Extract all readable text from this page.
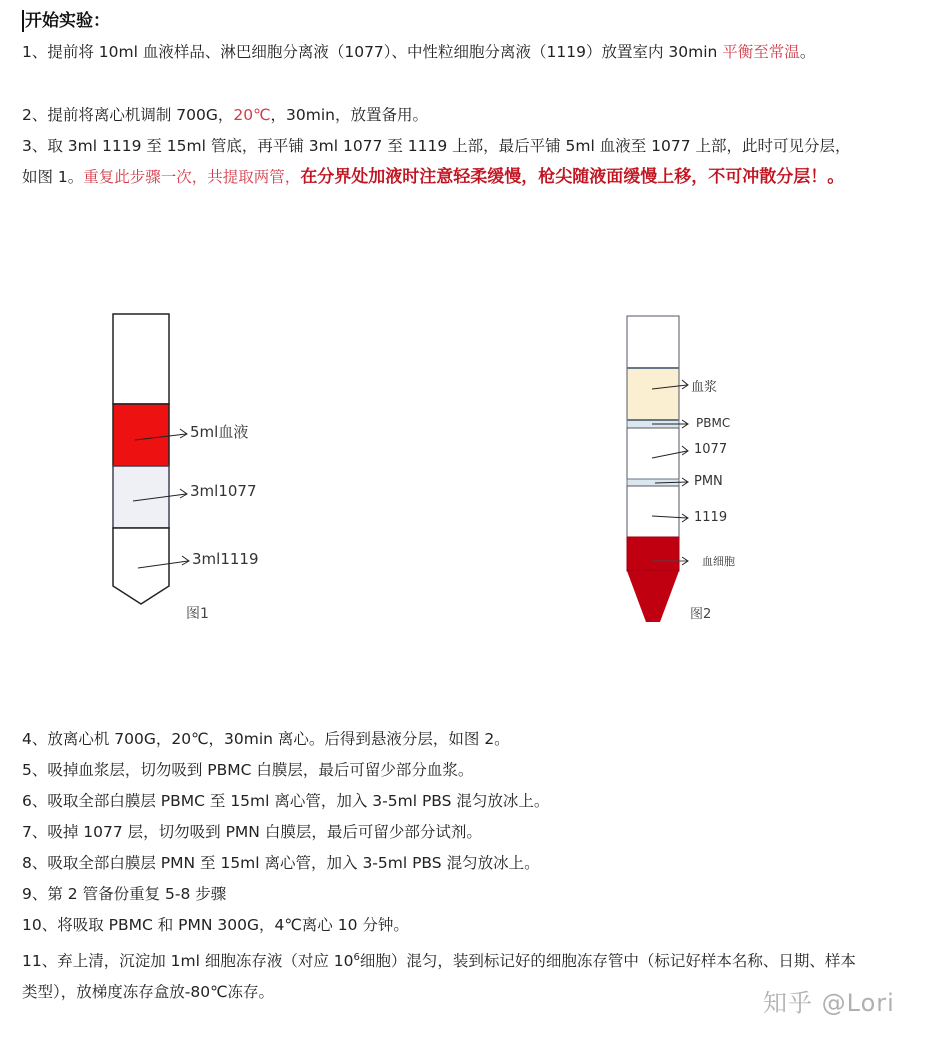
开始实验：
1、提前将 10ml 血液样品、淋巴细胞分离液（1077）、中性粒细胞分离液（1119）放置室内 30min 平衡至常温。
2、提前将离心机调制 700G，20℃，30min，放置备用。
3、取 3ml 1119 至 15ml 管底，再平铺 3ml 1077 至 1119 上部，最后平铺 5ml 血液至 1077 上部，此时可见分层，如图 1。重复此步骤一次，共提取两管，在分界处加液时注意轻柔缓慢，枪尖随液面缓慢上移，不可冲散分层！。
5ml血液
3ml1077
3ml1119
图1
血浆
PBMC
1077
PMN
1119
血细胞
图2
4、放离心机 700G，20℃，30min 离心。后得到悬液分层，如图 2。
5、吸掉血浆层，切勿吸到 PBMC 白膜层，最后可留少部分血浆。
6、吸取全部白膜层 PBMC 至 15ml 离心管，加入 3-5ml PBS 混匀放冰上。
7、吸掉 1077 层，切勿吸到 PMN 白膜层，最后可留少部分试剂。
8、吸取全部白膜层 PMN 至 15ml 离心管，加入 3-5ml PBS 混匀放冰上。
9、第 2 管备份重复 5-8 步骤
10、将吸取 PBMC 和 PMN 300G，4℃离心 10 分钟。
11、弃上清，沉淀加 1ml 细胞冻存液（对应 $10^6$细胞）混匀，装到标记好的细胞冻存管中（标记好样本名称、日期、样本类型），放梯度冻存盒放-80℃冻存。	知乎 @Lori
